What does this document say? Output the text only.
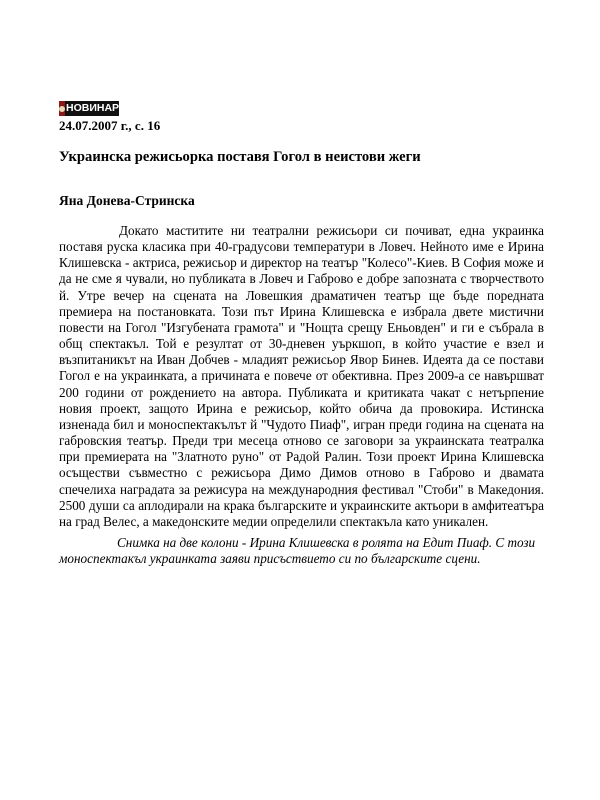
НОВИНАР
24.07.2007 г., с. 16
Украинска режисьорка поставя Гогол в неистови жеги
Яна Донева-Стринска

Докато маститите ни театрални режисьори си почиват, една украинка поставя руска класика при 40-градусови температури в Ловеч. Нейното име е Ирина Клишевска - актриса, режисьор и директор на театър "Колесо"-Киев. В София може и да не сме я чували, но публиката в Ловеч и Габрово е добре запозната с творчеството й. Утре вечер на сцената на Ловешкия драматичен театър ще бъде поредната премиера на постановката. Този път Ирина Клишевска е избрала двете мистични повести на Гогол "Изгубената грамота" и "Нощта срещу Еньовден" и ги е събрала в общ спектакъл. Той е резултат от 30-дневен уъркшоп, в който участие е взел и възпитаникът на Иван Добчев - младият режисьор Явор Бинев. Идеята да се постави Гогол е на украинката, а причината е повече от обективна. През 2009-а се навършват 200 години от рождението на автора. Публиката и критиката чакат с нетърпение новия проект, защото Ирина е режисьор, който обича да провокира. Истинска изненада бил и моноспектакълът й "Чудото Пиаф", игран преди година на сцената на габровския театър. Преди три месеца отново се заговори за украинската театралка при премиерата на "Златното руно" от Радой Ралин. Този проект Ирина Клишевска осъществи съвместно с режисьора Димо Димов отново в Габрово и двамата спечелиха наградата за режисура на международния фестивал "Стоби" в Македония. 2500 души са аплодирали на крака българските и украинските актьори в амфитеатъра на град Велес, а македонските медии определили спектакъла като уникален.

Снимка на две колони - Ирина Клишевска в ролята на Едит Пиаф. С този моноспектакъл украинката заяви присъствието си по българските сцени.
